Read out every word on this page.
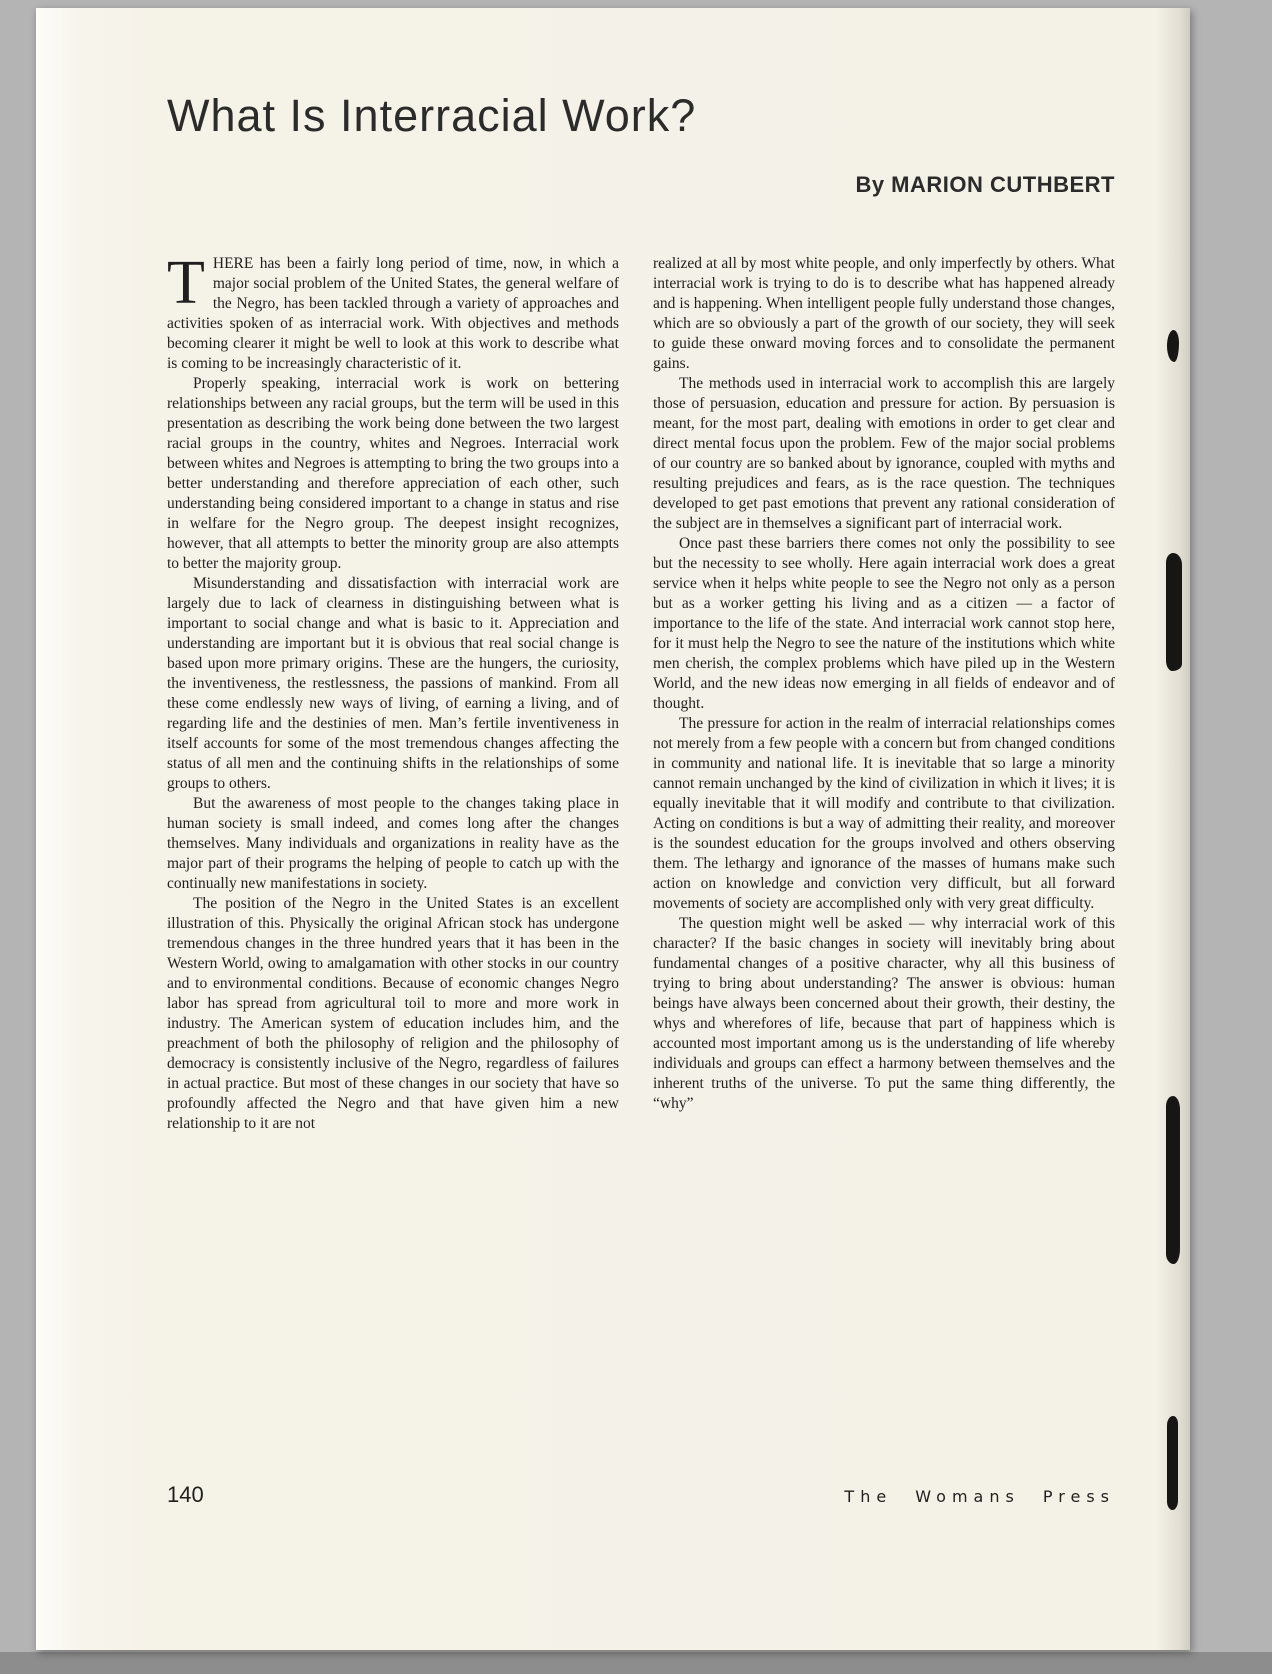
What Is Interracial Work?
By MARION CUTHBERT

THERE has been a fairly long period of time, now, in which a major social problem of the United States, the general welfare of the Negro, has been tackled through a variety of approaches and activities spoken of as interracial work. With objectives and methods becoming clearer it might be well to look at this work to describe what is coming to be increasingly characteristic of it.

Properly speaking, interracial work is work on bettering relationships between any racial groups, but the term will be used in this presentation as describing the work being done between the two largest racial groups in the country, whites and Negroes. Interracial work between whites and Negroes is attempting to bring the two groups into a better understanding and therefore appreciation of each other, such understanding being considered important to a change in status and rise in welfare for the Negro group. The deepest insight recognizes, however, that all attempts to better the minority group are also attempts to better the majority group.

Misunderstanding and dissatisfaction with interracial work are largely due to lack of clearness in distinguishing between what is important to social change and what is basic to it. Appreciation and understanding are important but it is obvious that real social change is based upon more primary origins. These are the hungers, the curiosity, the inventiveness, the restlessness, the passions of mankind. From all these come endlessly new ways of living, of earning a living, and of regarding life and the destinies of men. Man’s fertile inventiveness in itself accounts for some of the most tremendous changes affecting the status of all men and the continuing shifts in the relationships of some groups to others.

But the awareness of most people to the changes taking place in human society is small indeed, and comes long after the changes themselves. Many individuals and organizations in reality have as the major part of their programs the helping of people to catch up with the continually new manifestations in society.

The position of the Negro in the United States is an excellent illustration of this. Physically the original African stock has undergone tremendous changes in the three hundred years that it has been in the Western World, owing to amalgamation with other stocks in our country and to environmental conditions. Because of economic changes Negro labor has spread from agricultural toil to more and more work in industry. The American system of education includes him, and the preachment of both the philosophy of religion and the philosophy of democracy is consistently inclusive of the Negro, regardless of failures in actual practice. But most of these changes in our society that have so profoundly affected the Negro and that have given him a new relationship to it are not

realized at all by most white people, and only imperfectly by others. What interracial work is trying to do is to describe what has happened already and is happening. When intelligent people fully understand those changes, which are so obviously a part of the growth of our society, they will seek to guide these onward moving forces and to consolidate the permanent gains.

The methods used in interracial work to accomplish this are largely those of persuasion, education and pressure for action. By persuasion is meant, for the most part, dealing with emotions in order to get clear and direct mental focus upon the problem. Few of the major social problems of our country are so banked about by ignorance, coupled with myths and resulting prejudices and fears, as is the race question. The techniques developed to get past emotions that prevent any rational consideration of the subject are in themselves a significant part of interracial work.

Once past these barriers there comes not only the possibility to see but the necessity to see wholly. Here again interracial work does a great service when it helps white people to see the Negro not only as a person but as a worker getting his living and as a citizen — a factor of importance to the life of the state. And interracial work cannot stop here, for it must help the Negro to see the nature of the institutions which white men cherish, the complex problems which have piled up in the Western World, and the new ideas now emerging in all fields of endeavor and of thought.

The pressure for action in the realm of interracial relationships comes not merely from a few people with a concern but from changed conditions in community and national life. It is inevitable that so large a minority cannot remain unchanged by the kind of civilization in which it lives; it is equally inevitable that it will modify and contribute to that civilization. Acting on conditions is but a way of admitting their reality, and moreover is the soundest education for the groups involved and others observing them. The lethargy and ignorance of the masses of humans make such action on knowledge and conviction very difficult, but all forward movements of society are accomplished only with very great difficulty.

The question might well be asked — why interracial work of this character? If the basic changes in society will inevitably bring about fundamental changes of a positive character, why all this business of trying to bring about understanding? The answer is obvious: human beings have always been concerned about their growth, their destiny, the whys and wherefores of life, because that part of happiness which is accounted most important among us is the understanding of life whereby individuals and groups can effect a harmony between themselves and the inherent truths of the universe. To put the same thing differently, the “why”

140	The Womans Press
